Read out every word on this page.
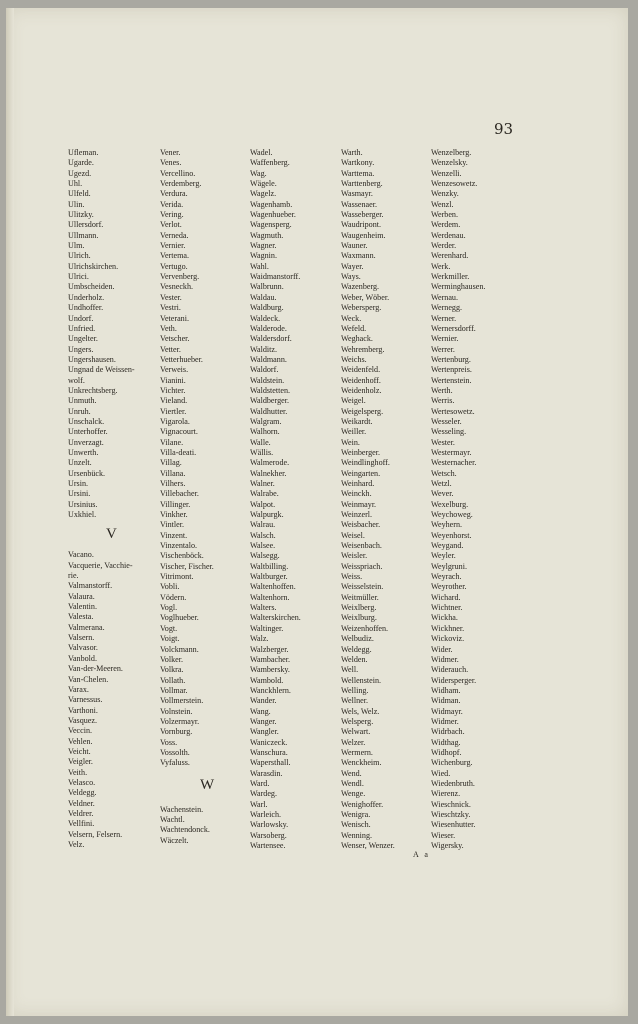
93
Ufleman.
Ugarde.
Ugezd.
Uhl.
Ulfeld.
Ulin.
Ulitzky.
Ullersdorf.
Ullmann.
Ulm.
Ulrich.
Ulrichskirchen.
Ulrici.
Umbscheiden.
Underholz.
Undhoffer.
Undorf.
Unfried.
Ungelter.
Ungers.
Ungershausen.
Ungnad de Weissen-
wolf.
Unkrechtsberg.
Unmuth.
Unruh.
Unschalck.
Unterhoffer.
Unverzagt.
Unwerth.
Unzelt.
Ursenbück.
Ursin.
Ursini.
Ursinius.
Uxkhiel.
V
Vacano.
Vacquerie, Vacchie-
rie.
Valmanstorff.
Valaura.
Valentin.
Valesta.
Valmerana.
Valsern.
Valvasor.
Vanbold.
Van-der-Meeren.
Van-Chelen.
Varax.
Varnessus.
Varthoni.
Vasquez.
Veccin.
Vehlen.
Veicht.
Veigler.
Veith.
Velasco.
Veldegg.
Veldner.
Veldrer.
Vellfini.
Velsern, Felsern.
Velz.
Vener.
Venes.
Vercellino.
Verdemberg.
Verdura.
Verida.
Vering.
Verlot.
Verneda.
Vernier.
Vertema.
Vertugo.
Vervenberg.
Vesneckh.
Vester.
Vestri.
Veterani.
Veth.
Vetscher.
Vetter.
Vetterhueber.
Verweis.
Vianini.
Vichter.
Vieland.
Viertler.
Vigarola.
Vignacourt.
Vilane.
Villa-deati.
Villag.
Villana.
Vilhers.
Villebacher.
Villinger.
Vinkher.
Vintler.
Vinzent.
Vinzentalo.
Vischenböck.
Vischer, Fischer.
Vitrimont.
Vobli.
Vödern.
Vogl.
Voglhueber.
Vogt.
Voigt.
Volckmann.
Volker.
Volkra.
Vollath.
Vollmar.
Vollmerstein.
Volnstein.
Volzermayr.
Vornburg.
Voss.
Vossolth.
Vyfaluss.
W
Wachenstein.
Wachtl.
Wachtendonck.
Wäczelt.
Wadel.
Waffenberg.
Wag.
Wägele.
Wagelz.
Wagenhamb.
Wagenhueber.
Wagensperg.
Wagmuth.
Wagner.
Wagnin.
Wahl.
Waidmanstorff.
Walbrunn.
Waldau.
Waldburg.
Waldeck.
Walderode.
Waldersdorf.
Walditz.
Waldmann.
Waldorf.
Waldstein.
Waldstetten.
Waldberger.
Waldhutter.
Walgram.
Walhorn.
Walle.
Wällis.
Walmerode.
Walnekher.
Walner.
Walrabe.
Walpot.
Walpurgk.
Walrau.
Walsch.
Walsee.
Walsegg.
Waltbilling.
Waltburger.
Waltenhoffen.
Waltenhorn.
Walters.
Walterskirchen.
Waltinger.
Walz.
Walzberger.
Wambacher.
Wambersky.
Wambold.
Wanckhlern.
Wander.
Wang.
Wanger.
Wangler.
Waniczeck.
Wanschura.
Wapersthall.
Warasdin.
Ward.
Wardeg.
Warl.
Warleich.
Warlowsky.
Warsoberg.
Wartensee.
Warth.
Wartkony.
Warttema.
Warttenberg.
Wasmayr.
Wassenaer.
Wasseberger.
Waudripont.
Waugenheim.
Wauner.
Waxmann.
Wayer.
Ways.
Wazenberg.
Weber, Wöber.
Webersperg.
Weck.
Wefeld.
Weghack.
Wehremberg.
Weichs.
Weidenfeld.
Weidenhoff.
Weidenholz.
Weigel.
Weigelsperg.
Weikardt.
Weiller.
Wein.
Weinberger.
Weindlinghoff.
Weingarten.
Weinhard.
Weinckh.
Weinmayr.
Weinzerl.
Weisbacher.
Weisel.
Weisenbach.
Weisler.
Weisspriach.
Weiss.
Weisselstein.
Weitmüller.
Weixlberg.
Weixlburg.
Weizenhoffen.
Welbudiz.
Weldegg.
Welden.
Well.
Wellenstein.
Welling.
Wellner.
Wels, Welz.
Welsperg.
Welwart.
Welzer.
Wermern.
Wenckheim.
Wend.
Wendl.
Wenge.
Wenighoffer.
Wenigra.
Wenisch.
Wenning.
Wenser, Wenzer.
Wenzelberg.
Wenzelsky.
Wenzelli.
Wenzesowetz.
Wenzky.
Wenzl.
Werben.
Werdem.
Werdenau.
Werder.
Werenhard.
Werk.
Werkmiller.
Werminghausen.
Wernau.
Wernegg.
Werner.
Wernersdorff.
Wernier.
Werrer.
Wertenburg.
Wertenpreis.
Wertenstein.
Werth.
Werris.
Wertesowetz.
Wesseler.
Wesseling.
Wester.
Westermayr.
Westernacher.
Wetsch.
Wetzl.
Wever.
Wexelburg.
Weychoweg.
Weyhern.
Weyenhorst.
Weygand.
Weyler.
Weylgruni.
Weyrach.
Weyrother.
Wichard.
Wichtner.
Wickha.
Wickhner.
Wickoviz.
Wider.
Widmer.
Widerauch.
Widersperger.
Widham.
Widman.
Widmayr.
Widmer.
Widrbach.
Widthag.
Widhopf.
Wichenburg.
Wied.
Wiedenbruth.
Wierenz.
Wieschnick.
Wieschtzky.
Wiesenhutter.
Wieser.
Wigersky.
A a
